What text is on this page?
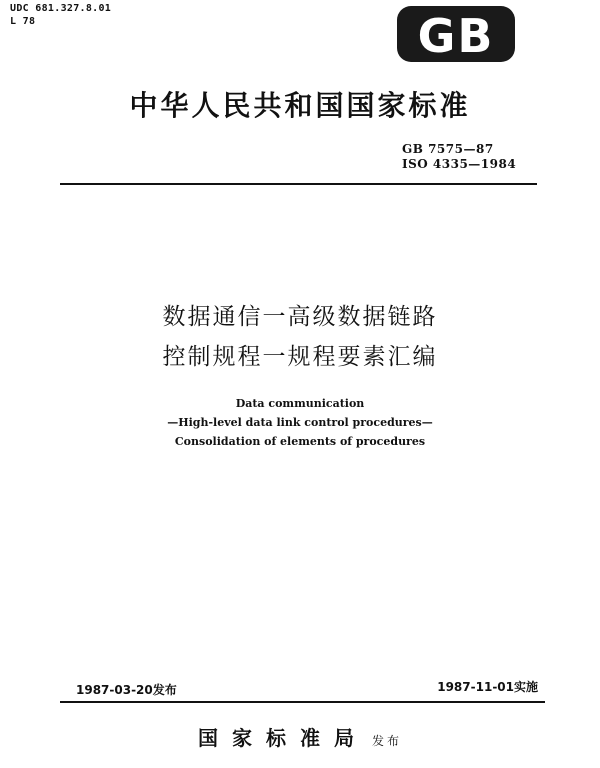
UDC 681.327.8.01
L 78	GB
中华人民共和国国家标准
GB 7575—87
ISO 4335—1984
数据通信一高级数据链路
控制规程一规程要素汇编
Data communication
—High-level data link control procedures—
Consolidation of elements of procedures
1987-03-20发布	1987-11-01实施
国家标准局 发布
